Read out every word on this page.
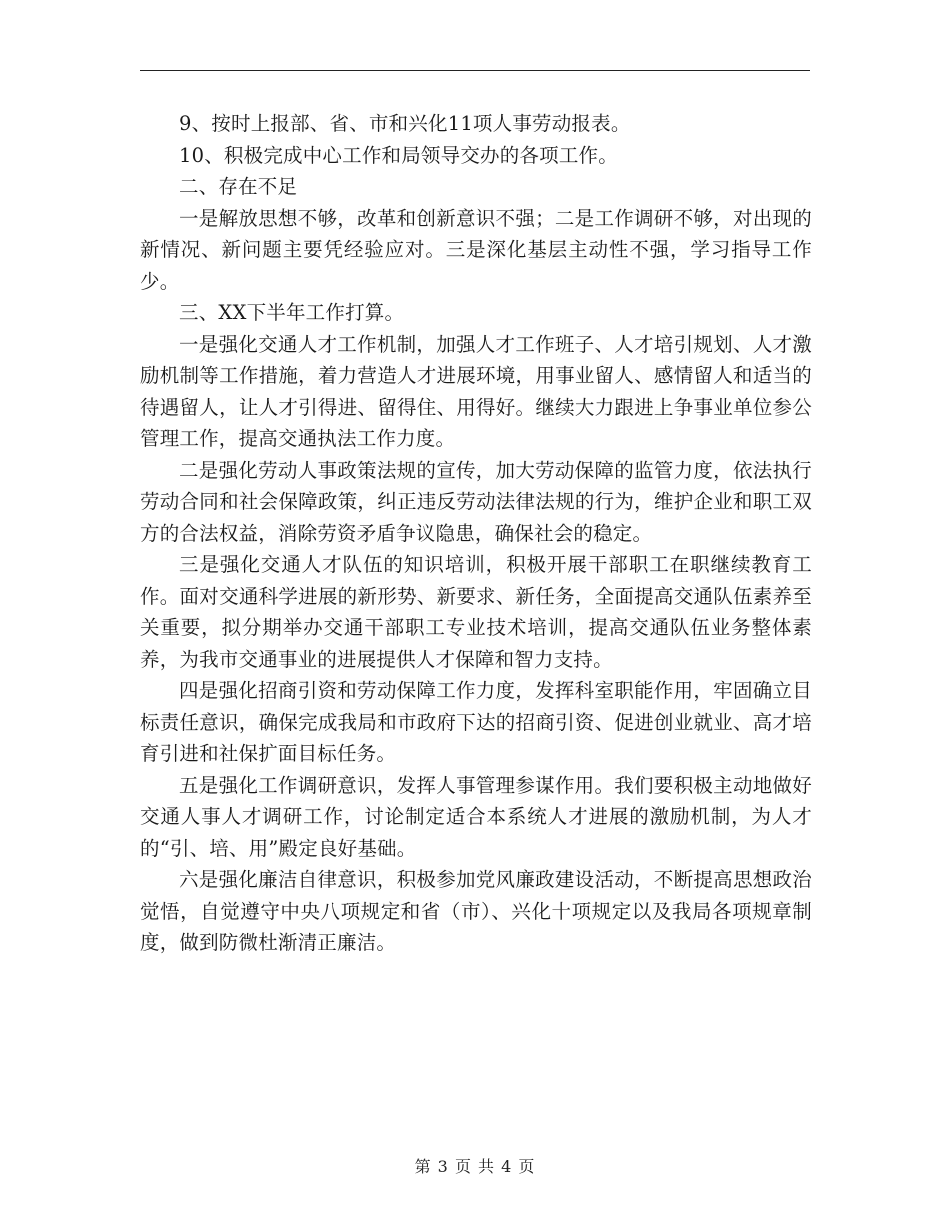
9、按时上报部、省、市和兴化11项人事劳动报表。

10、积极完成中心工作和局领导交办的各项工作。

二、存在不足

一是解放思想不够，改革和创新意识不强；二是工作调研不够，对出现的新情况、新问题主要凭经验应对。三是深化基层主动性不强，学习指导工作少。

三、XX下半年工作打算。

一是强化交通人才工作机制，加强人才工作班子、人才培引规划、人才激励机制等工作措施，着力营造人才进展环境，用事业留人、感情留人和适当的待遇留人，让人才引得进、留得住、用得好。继续大力跟进上争事业单位参公管理工作，提高交通执法工作力度。

二是强化劳动人事政策法规的宣传，加大劳动保障的监管力度，依法执行劳动合同和社会保障政策，纠正违反劳动法律法规的行为，维护企业和职工双方的合法权益，消除劳资矛盾争议隐患，确保社会的稳定。

三是强化交通人才队伍的知识培训，积极开展干部职工在职继续教育工作。面对交通科学进展的新形势、新要求、新任务，全面提高交通队伍素养至关重要，拟分期举办交通干部职工专业技术培训，提高交通队伍业务整体素养，为我市交通事业的进展提供人才保障和智力支持。

四是强化招商引资和劳动保障工作力度，发挥科室职能作用，牢固确立目标责任意识，确保完成我局和市政府下达的招商引资、促进创业就业、高才培育引进和社保扩面目标任务。

五是强化工作调研意识，发挥人事管理参谋作用。我们要积极主动地做好交通人事人才调研工作，讨论制定适合本系统人才进展的激励机制，为人才的“引、培、用”殿定良好基础。

六是强化廉洁自律意识，积极参加党风廉政建设活动，不断提高思想政治觉悟，自觉遵守中央八项规定和省（市）、兴化十项规定以及我局各项规章制度，做到防微杜渐清正廉洁。

第 3 页 共 4 页
